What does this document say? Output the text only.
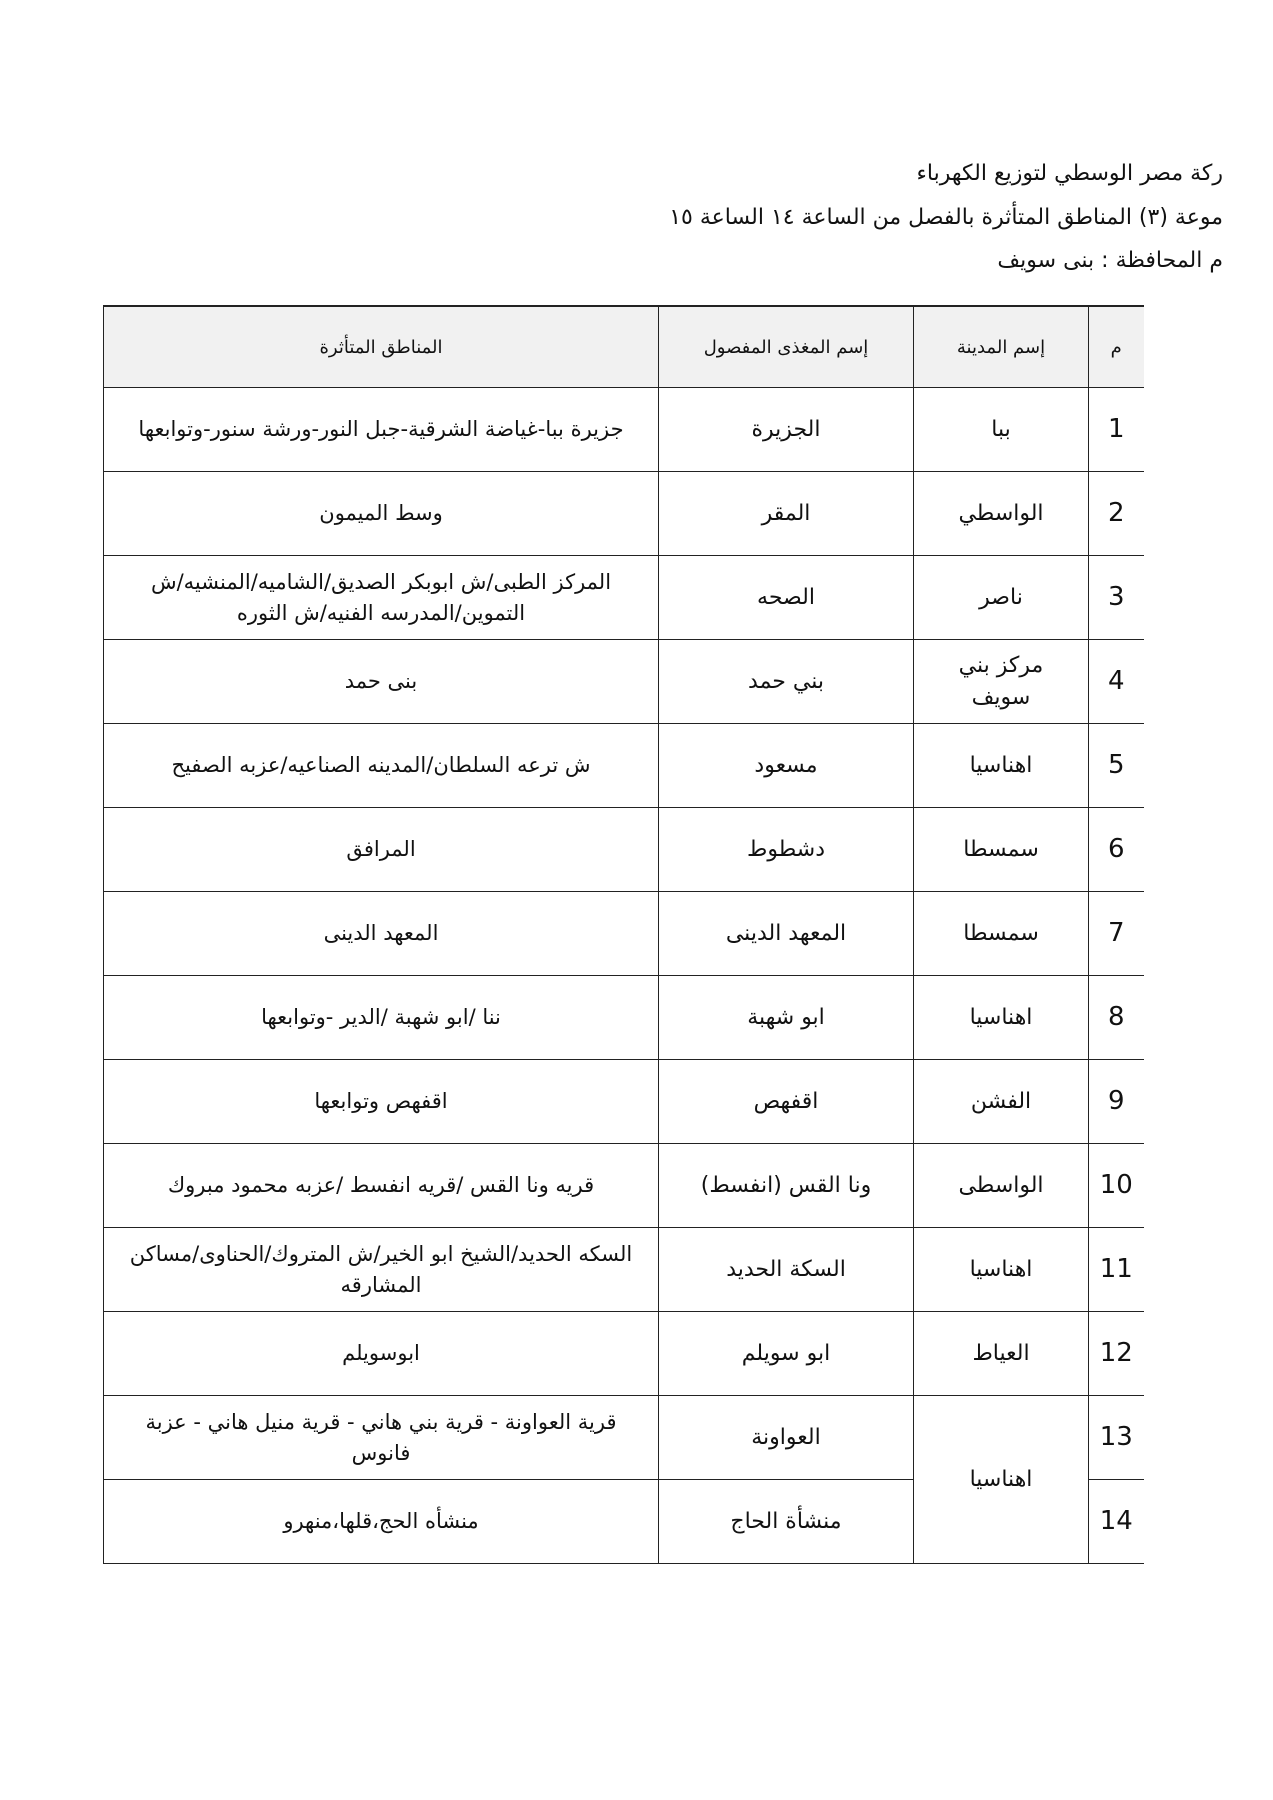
ركة مصر الوسطي لتوزيع الكهرباء
موعة (٣) المناطق المتأثرة بالفصل من الساعة ١٤ الساعة ١٥
م المحافظة : بنى سويف
م	إسم المدينة	إسم المغذى المفصول	المناطق المتأثرة
1	ببا	الجزيرة	جزيرة ببا-غياضة الشرقية-جبل النور-ورشة سنور-وتوابعها
2	الواسطي	المقر	وسط الميمون
3	ناصر	الصحه	المركز الطبى/ش ابوبكر الصديق/الشاميه/المنشيه/ش التموين/المدرسه الفنيه/ش الثوره
4	مركز بني سويف	بني حمد	بنى حمد
5	اهناسيا	مسعود	ش ترعه السلطان/المدينه الصناعيه/عزبه الصفيح
6	سمسطا	دشطوط	المرافق
7	سمسطا	المعهد الدينى	المعهد الدينى
8	اهناسيا	ابو شهبة	ننا /ابو شهبة /الدير -وتوابعها
9	الفشن	اقفهص	اقفهص وتوابعها
10	الواسطى	ونا القس (انفسط)	قريه ونا القس /قريه انفسط /عزبه محمود مبروك
11	اهناسيا	السكة الحديد	السكه الحديد/الشيخ ابو الخير/ش المتروك/الحناوى/مساكن المشارقه
12	العياط	ابو سويلم	ابوسويلم
13	اهناسيا	العواونة	قرية العواونة - قرية بني هاني - قرية منيل هاني - عزبة فانوس
14		منشأة الحاج	منشأه الحج،قلها،منهرو
